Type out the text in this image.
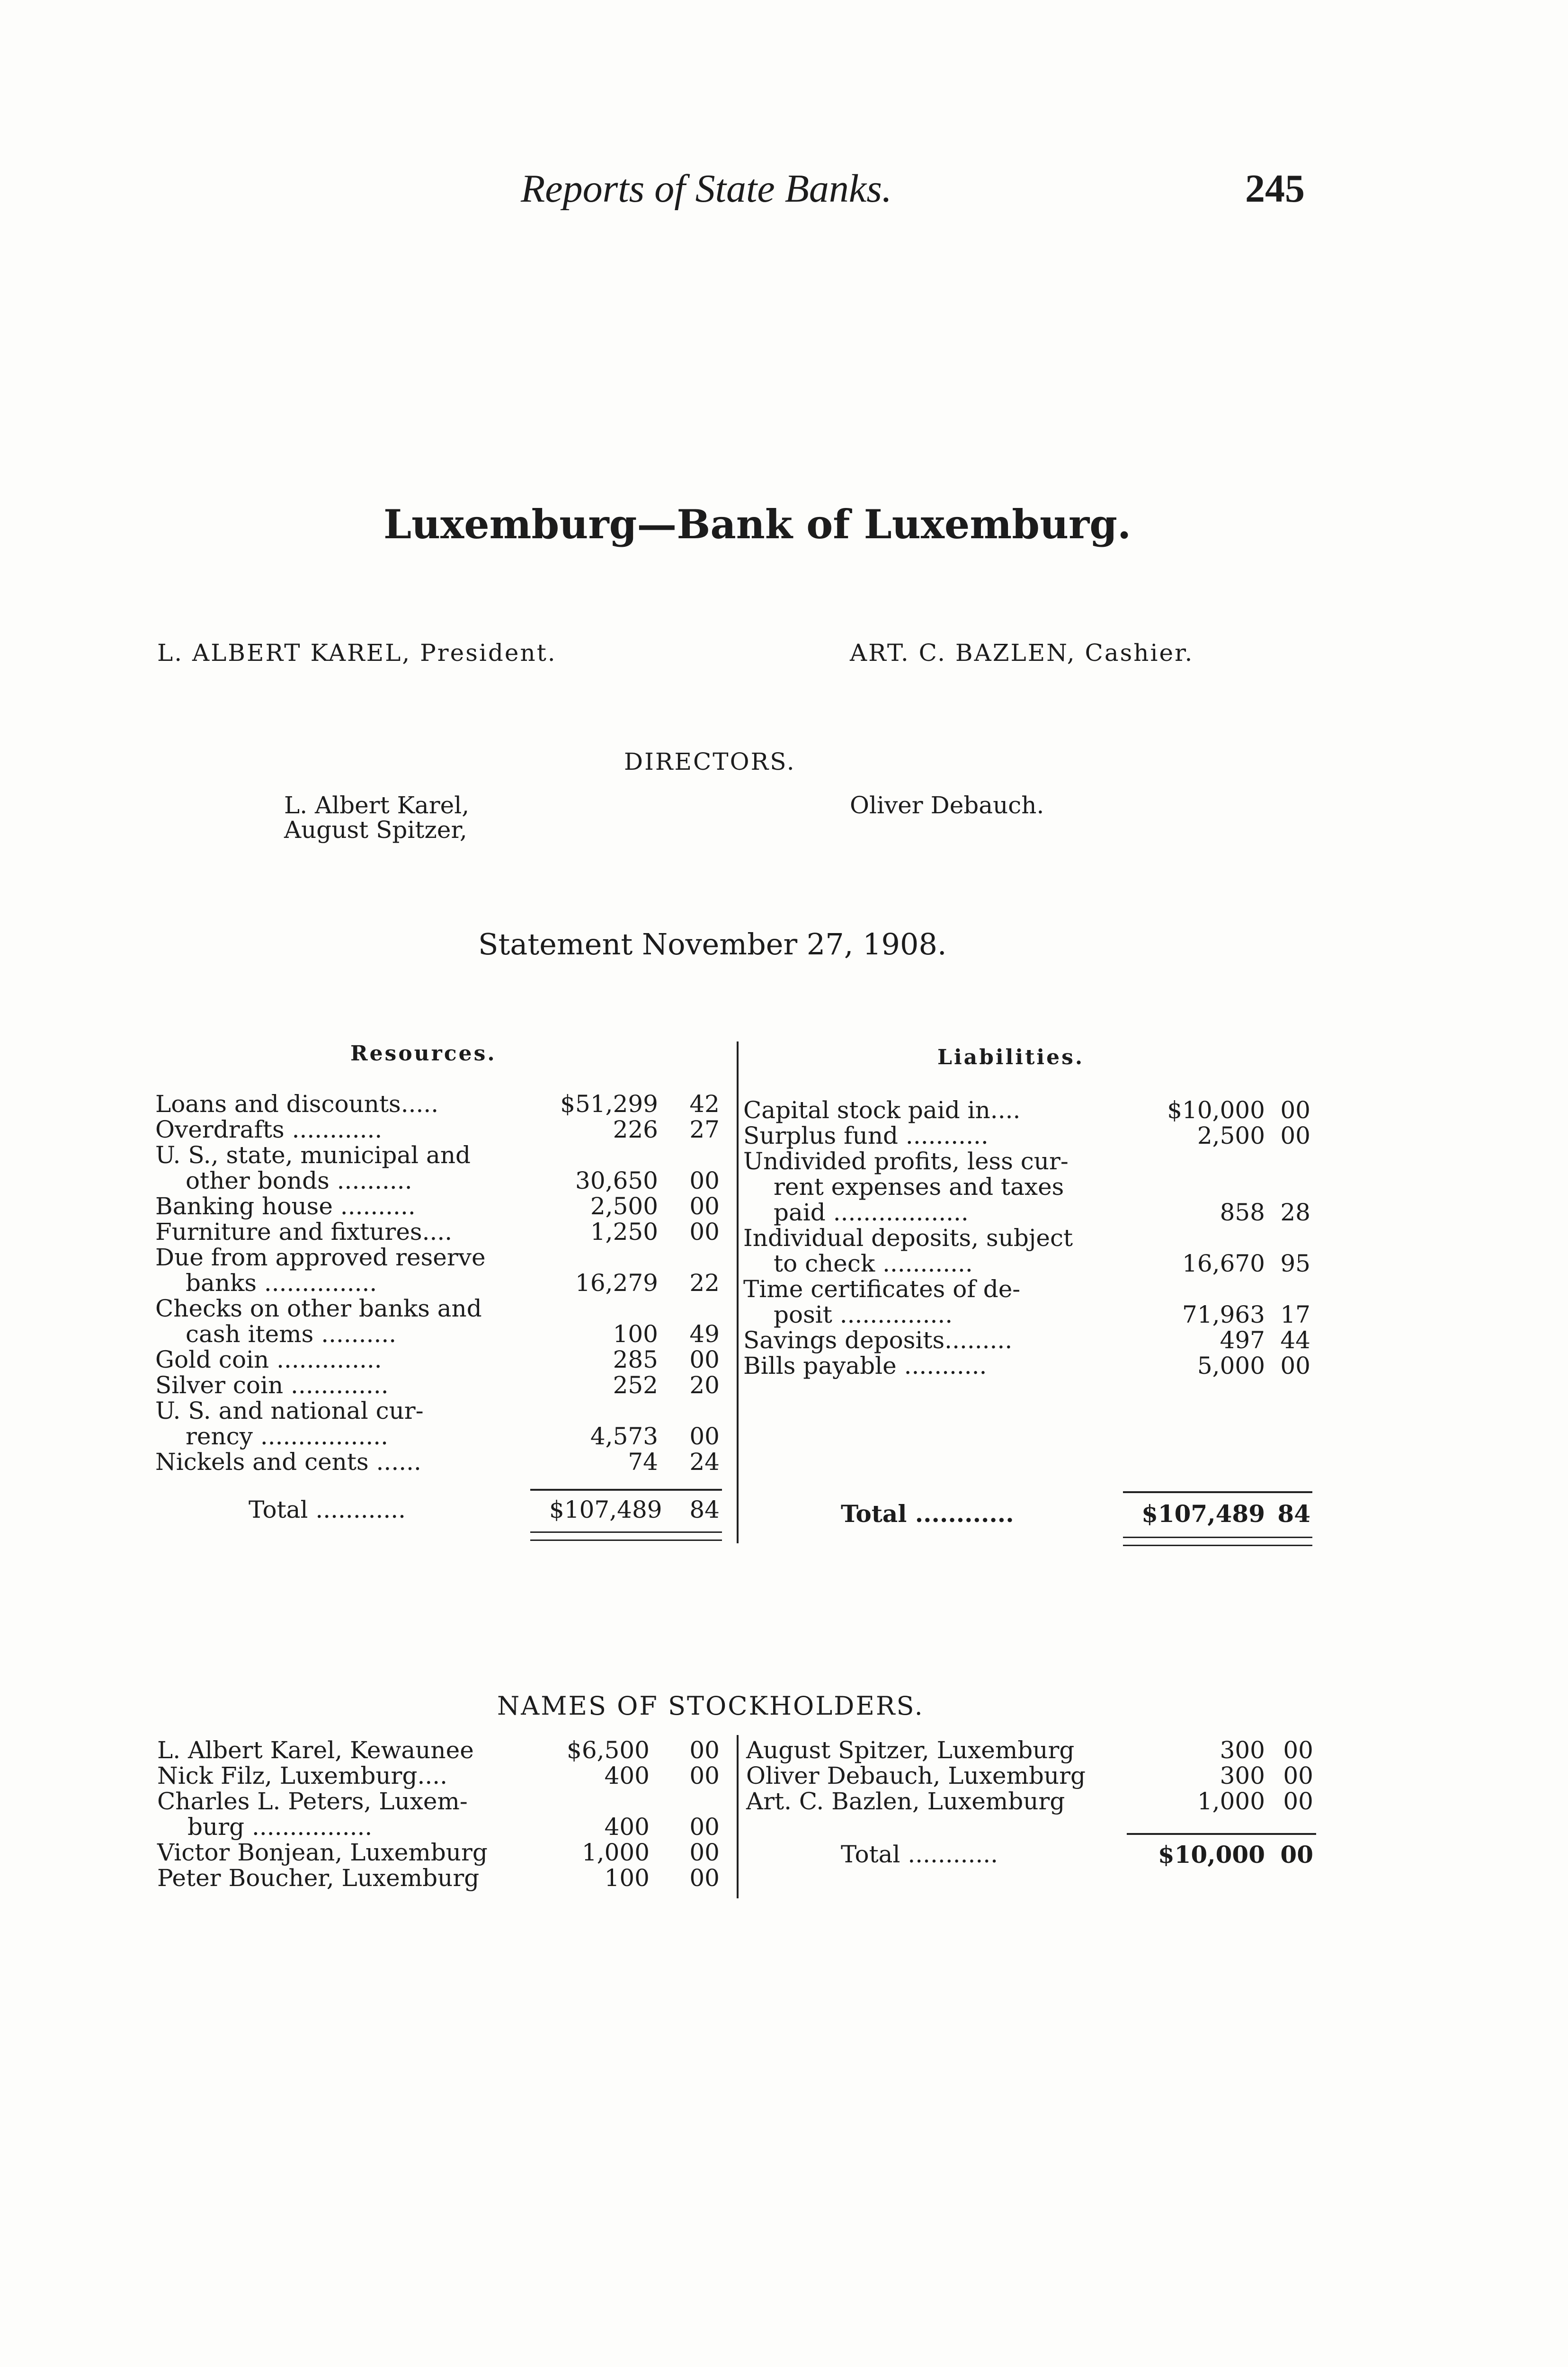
Reports of State Banks.	245
Luxemburg—Bank of Luxemburg.
L. ALBERT KAREL, President.	ART. C. BAZLEN, Cashier.
DIRECTORS.
L. Albert Karel,
August Spitzer,
Oliver Debauch.
Statement November 27, 1908.
Resources.	Liabilities.
Loans and discounts.....	$51,299	42
Overdrafts ............	226	27
U. S., state, municipal and
other bonds ..........	30,650	00
Banking house ..........	2,500	00
Furniture and fixtures....	1,250	00
Due from approved reserve
banks ...............	16,279	22
Checks on other banks and
cash items ..........	100	49
Gold coin ..............	285	00
Silver coin .............	252	20
U. S. and national cur-
rency .................	4,573	00
Nickels and cents ......	74	24
Capital stock paid in....	$10,000 00
Surplus fund ...........	2,500 00
Undivided profits, less cur-
rent expenses and taxes
paid ..................	858 28
Individual deposits, subject
to check ............	16,670 95
Time certificates of de-
posit ...............	71,963 17
Savings deposits.........	497 44
Bills payable ...........	5,000 00
Total ............	$107,489	84	Total ............	$107,489 84
NAMES OF STOCKHOLDERS.
L. Albert Karel, Kewaunee	$6,500	00
Nick Filz, Luxemburg....	400	00
Charles L. Peters, Luxem-
burg ................	400	00
Victor Bonjean, Luxemburg	1,000	00
Peter Boucher, Luxemburg	100	00
August Spitzer, Luxemburg	300 00
Oliver Debauch, Luxemburg	300 00
Art. C. Bazlen, Luxemburg	1,000 00
Total ............	$10,000 00
